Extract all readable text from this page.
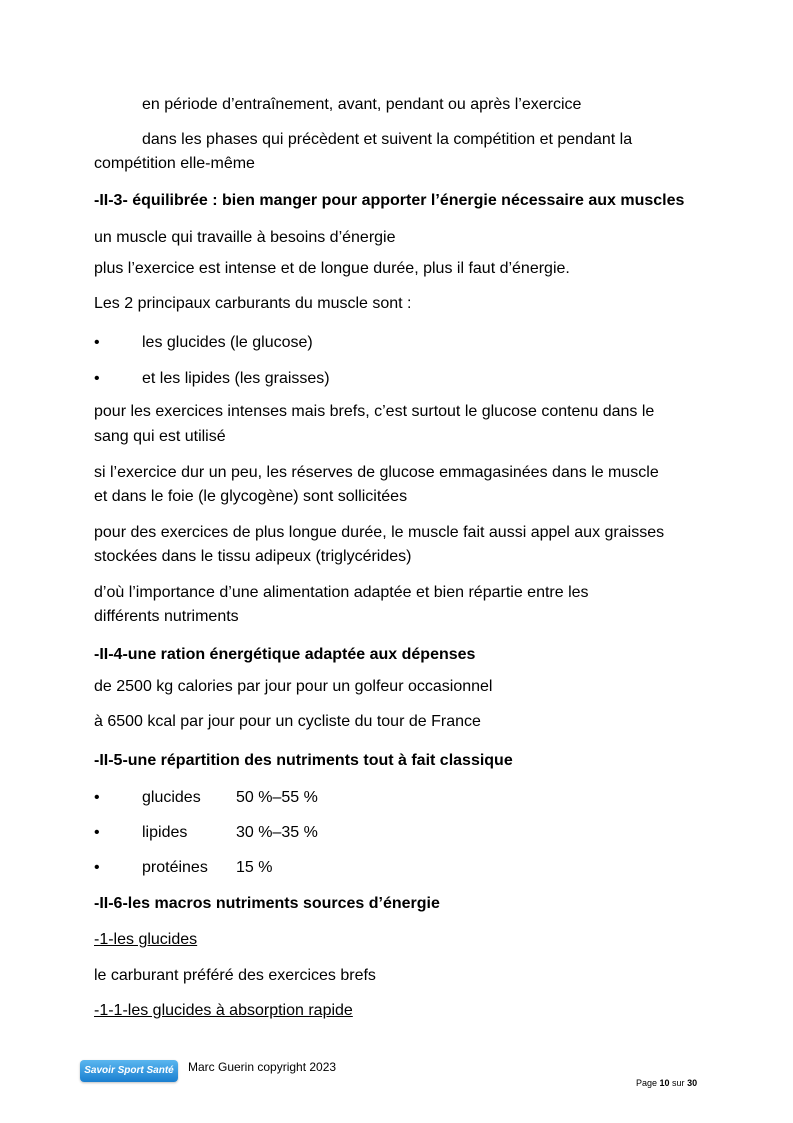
en période d’entraînement, avant, pendant ou après l’exercice
dans les phases qui précèdent et suivent la compétition et pendant la
compétition elle-même
-II-3- équilibrée : bien manger pour apporter l’énergie nécessaire aux muscles
un muscle qui travaille à besoins d’énergie
plus l’exercice est intense et de longue durée, plus il faut d’énergie.
Les 2 principaux carburants du muscle sont :
•	les glucides (le glucose)
•	et les lipides (les graisses)
pour les exercices intenses mais brefs, c’est surtout le glucose contenu dans le
sang qui est utilisé
si l’exercice dur un peu, les réserves de glucose emmagasinées dans le muscle
et dans le foie (le glycogène) sont sollicitées
pour des exercices de plus longue durée, le muscle fait aussi appel aux graisses
stockées dans le tissu adipeux (triglycérides)
d’où l’importance d’une alimentation adaptée et bien répartie entre les
différents nutriments
-II-4-une ration énergétique adaptée aux dépenses
de 2500 kg calories par jour pour un golfeur occasionnel
à 6500 kcal par jour pour un cycliste du tour de France
-II-5-une répartition des nutriments tout à fait classique
•	glucides 50 %–55 %
•	lipides	30 %–35 %
•	protéines 15 %
-II-6-les macros nutriments sources d’énergie
-1-les glucides
le carburant préféré des exercices brefs
-1-1-les glucides à absorption rapide
Savoir Sport Santé	Marc Guerin copyright 2023
Page 10 sur 30
